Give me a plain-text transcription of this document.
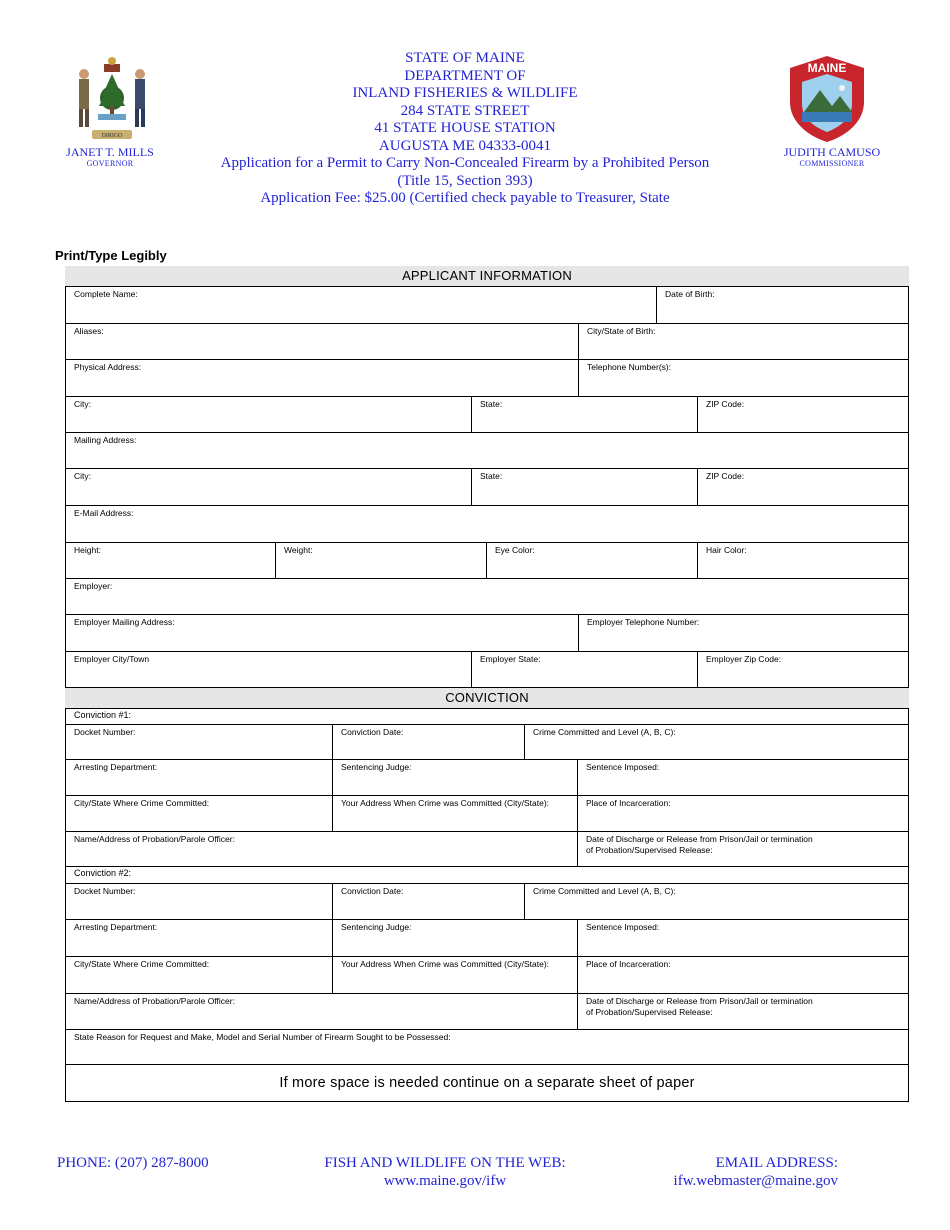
DIRIGO
STATE OF MAINE
DEPARTMENT OF
INLAND FISHERIES & WILDLIFE
284 STATE STREET
41 STATE HOUSE STATION
AUGUSTA ME 04333-0041
Application for a Permit to Carry Non-Concealed Firearm by a Prohibited Person
(Title 15, Section 393)
Application Fee: $25.00 (Certified check payable to Treasurer, State
JANET T. MILLS
GOVERNOR
MAINE
JUDITH CAMUSO
COMMISSIONER
Print/Type Legibly
APPLICANT INFORMATION
Complete Name:	Date of Birth:
Aliases:	City/State of Birth:
Physical Address:	Telephone Number(s):
City:	State:	ZIP Code:
Mailing Address:
City:	State:	ZIP Code:
E-Mail Address:
Height:	Weight:	Eye Color:	Hair Color:
Employer:
Employer Mailing Address:	Employer Telephone Number:
Employer City/Town	Employer State:	Employer Zip Code:
CONVICTION
Conviction #1:
Docket Number:	Conviction Date:	Crime Committed and Level (A, B, C):
Arresting Department:	Sentencing Judge:	Sentence Imposed:
City/State Where Crime Committed:	Your Address When Crime was Committed (City/State):	Place of Incarceration:
Name/Address of Probation/Parole Officer:	Date of Discharge or Release from Prison/Jail or termination
of Probation/Supervised Release:
Conviction #2:
Docket Number:	Conviction Date:	Crime Committed and Level (A, B, C):
Arresting Department:	Sentencing Judge:	Sentence Imposed:
City/State Where Crime Committed:	Your Address When Crime was Committed (City/State):	Place of Incarceration:
Name/Address of Probation/Parole Officer:	Date of Discharge or Release from Prison/Jail or termination
of Probation/Supervised Release:
State Reason for Request and Make, Model and Serial Number of Firearm Sought to be Possessed:
If more space is needed continue on a separate sheet of paper
PHONE: (207) 287-8000	FISH AND WILDLIFE ON THE WEB:
www.maine.gov/ifw
EMAIL ADDRESS:
ifw.webmaster@maine.gov
